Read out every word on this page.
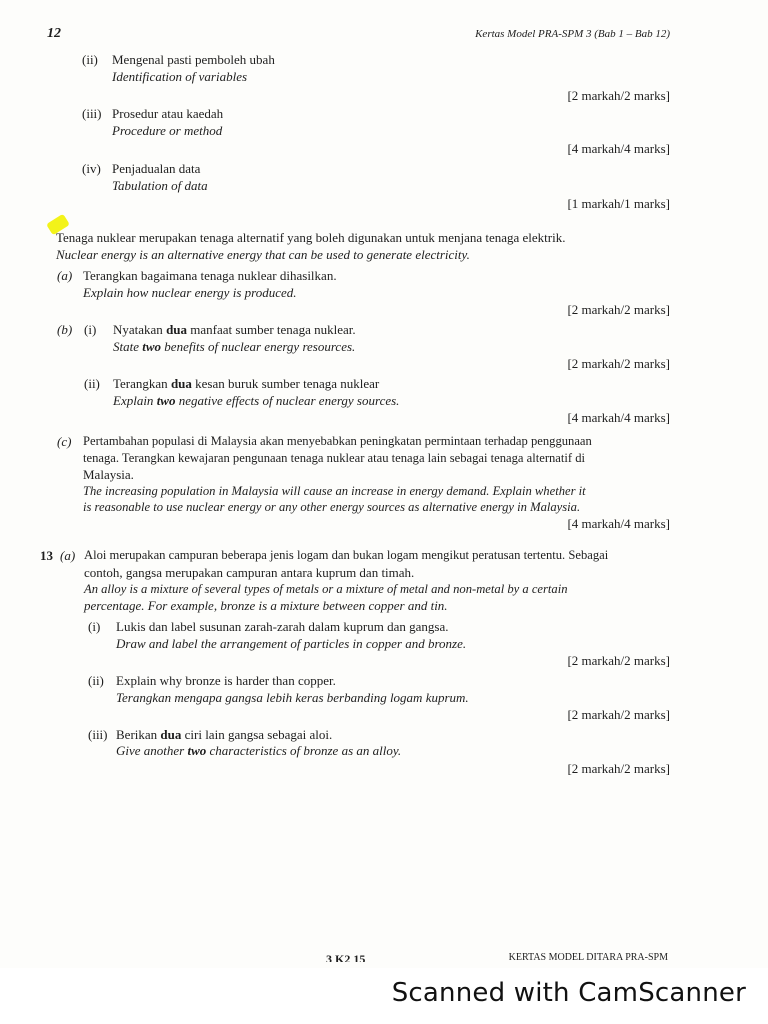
12	Kertas Model PRA-SPM 3 (Bab 1 – Bab 12)
(ii) Mengenal pasti pemboleh ubah
Identification of variables
[2 markah/2 marks]
(iii) Prosedur atau kaedah
Procedure or method
[4 markah/4 marks]
(iv) Penjadualan data
Tabulation of data
[1 markah/1 marks]
Tenaga nuklear merupakan tenaga alternatif yang boleh digunakan untuk menjana tenaga elektrik.
Nuclear energy is an alternative energy that can be used to generate electricity.
(a) Terangkan bagaimana tenaga nuklear dihasilkan.
Explain how nuclear energy is produced.
[2 markah/2 marks]
(b) (i) Nyatakan dua manfaat sumber tenaga nuklear.
State two benefits of nuclear energy resources.
[2 markah/2 marks]
(ii) Terangkan dua kesan buruk sumber tenaga nuklear
Explain two negative effects of nuclear energy sources.
[4 markah/4 marks]
(c) Pertambahan populasi di Malaysia akan menyebabkan peningkatan permintaan terhadap penggunaan
tenaga. Terangkan kewajaran pengunaan tenaga nuklear atau tenaga lain sebagai tenaga alternatif di
Malaysia.
The increasing population in Malaysia will cause an increase in energy demand. Explain whether it
is reasonable to use nuclear energy or any other energy sources as alternative energy in Malaysia.
[4 markah/4 marks]
13 (a) Aloi merupakan campuran beberapa jenis logam dan bukan logam mengikut peratusan tertentu. Sebagai
contoh, gangsa merupakan campuran antara kuprum dan timah.
An alloy is a mixture of several types of metals or a mixture of metal and non-metal by a certain
percentage. For example, bronze is a mixture between copper and tin.
(i) Lukis dan label susunan zarah-zarah dalam kuprum dan gangsa.
Draw and label the arrangement of particles in copper and bronze.
[2 markah/2 marks]
(ii) Explain why bronze is harder than copper.
Terangkan mengapa gangsa lebih keras berbanding logam kuprum.
[2 markah/2 marks]
(iii) Berikan dua ciri lain gangsa sebagai aloi.
Give another two characteristics of bronze as an alloy.
[2 markah/2 marks]
3 K2 15	KERTAS MODEL DITARA PRA-SPM
Scanned with CamScanner
